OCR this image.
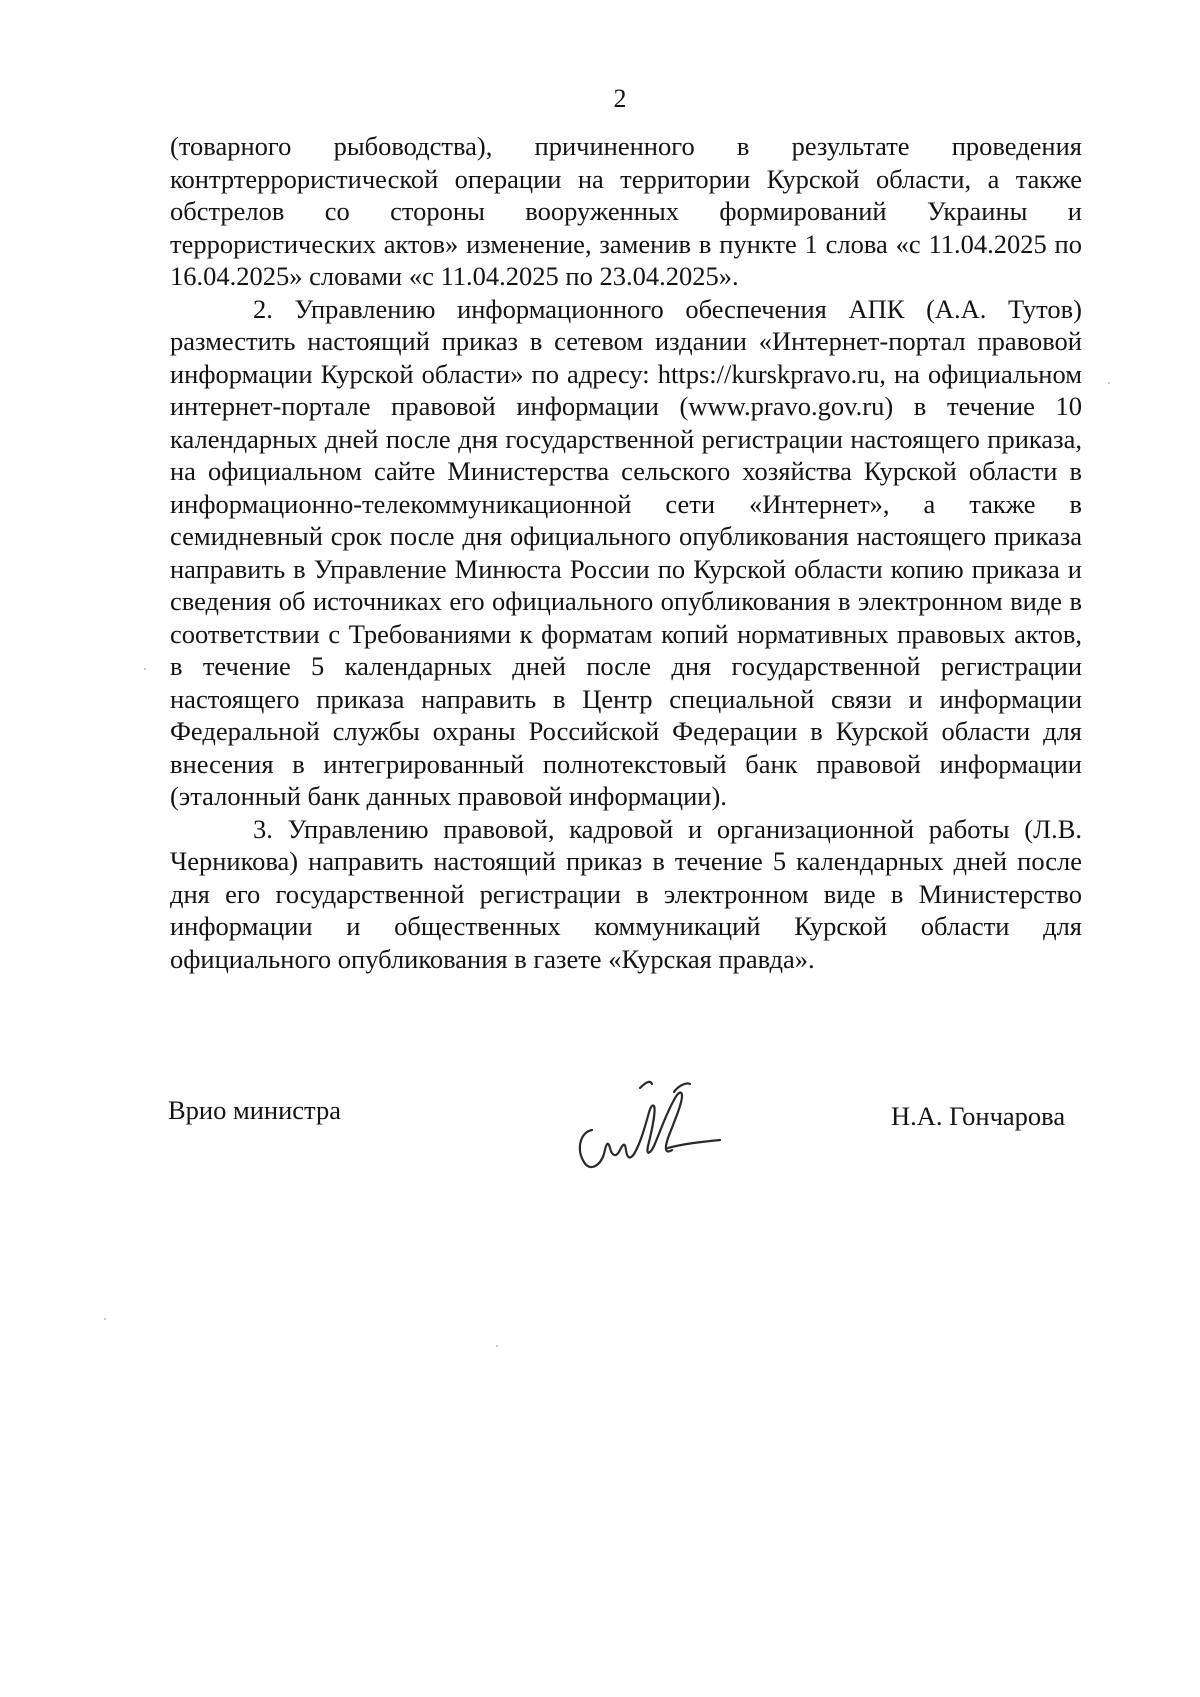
2

(товарного рыбоводства), причиненного в результате проведения контртеррористической операции на территории Курской области, а также обстрелов со стороны вооруженных формирований Украины и террористических актов» изменение, заменив в пункте 1 слова «с 11.04.2025 по 16.04.2025» словами «с 11.04.2025 по 23.04.2025».

2. Управлению информационного обеспечения АПК (А.А. Тутов) разместить настоящий приказ в сетевом издании «Интернет-портал правовой информации Курской области» по адресу: https://kurskpravo.ru, на официальном интернет-портале правовой информации (www.pravo.gov.ru) в течение 10 календарных дней после дня государственной регистрации настоящего приказа, на официальном сайте Министерства сельского хозяйства Курской области в информационно-телекоммуникационной сети «Интернет», а также в семидневный срок после дня официального опубликования настоящего приказа направить в Управление Минюста России по Курской области копию приказа и сведения об источниках его официального опубликования в электронном виде в соответствии с Требованиями к форматам копий нормативных правовых актов, в течение 5 календарных дней после дня государственной регистрации настоящего приказа направить в Центр специальной связи и информации Федеральной службы охраны Российской Федерации в Курской области для внесения в интегрированный полнотекстовый банк правовой информации (эталонный банк данных правовой информации).

3. Управлению правовой, кадровой и организационной работы (Л.В. Черникова) направить настоящий приказ в течение 5 календарных дней после дня его государственной регистрации в электронном виде в Министерство информации и общественных коммуникаций Курской области для официального опубликования в газете «Курская правда».

Врио министра	Н.А. Гончарова
